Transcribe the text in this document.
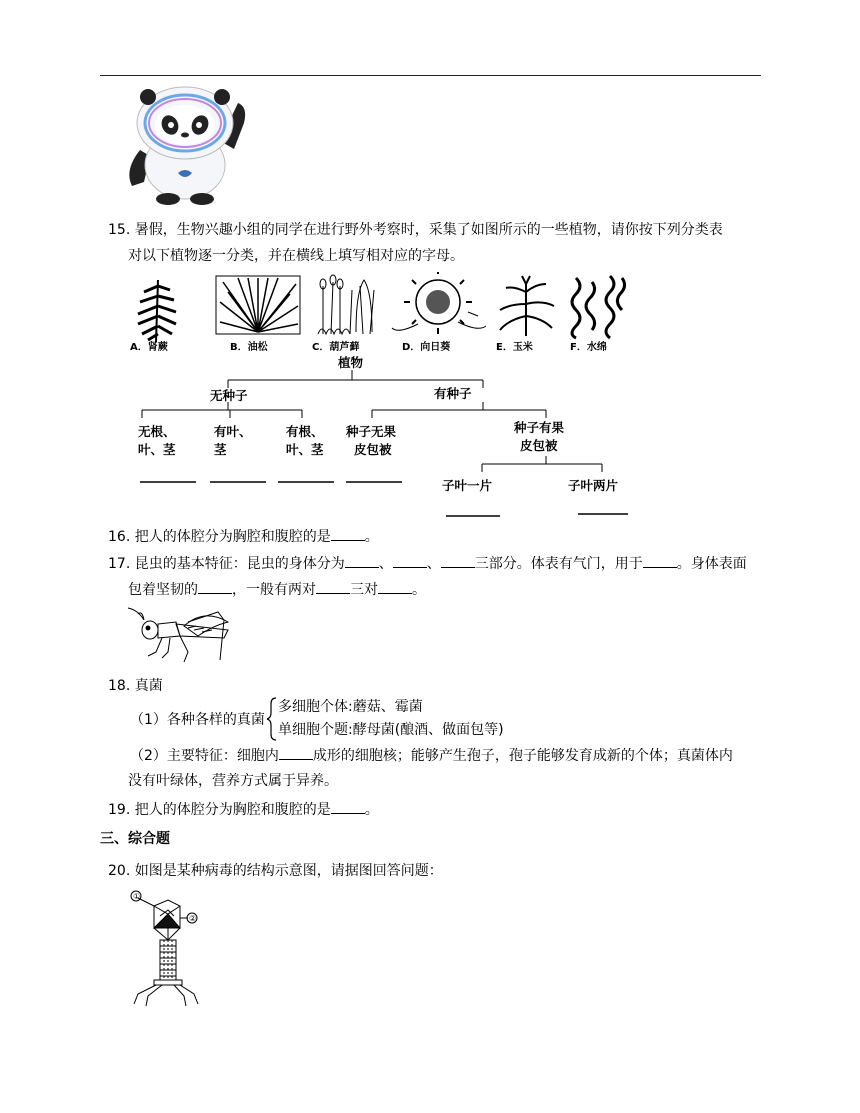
15. 暑假，生物兴趣小组的同学在进行野外考察时，采集了如图所示的一些植物，请你按下列分类表
对以下植物逐一分类，并在横线上填写相对应的字母。
A．肾蕨	B．油松	C．葫芦藓	D．向日葵	E．玉米	F．水绵
植物
无种子	有种子
无根、
叶、茎
有叶、
茎
有根、
叶、茎
种子无果
皮包被
种子有果
皮包被
子叶一片	子叶两片
16. 把人的体腔分为胸腔和腹腔的是 。
17. 昆虫的基本特征：昆虫的身体分为 、 、 三部分。体表有气门，用于 。身体表面
包着坚韧的 ，一般有两对 三对 。
18. 真菌
（1）各种各样的真菌
多细胞个体:蘑菇、霉菌
单细胞个题:酵母菌(酿酒、做面包等)
（2）主要特征：细胞内 成形的细胞核；能够产生孢子，孢子能够发育成新的个体；真菌体内
没有叶绿体，营养方式属于异养。
19. 把人的体腔分为胸腔和腹腔的是 。
三、综合题
20. 如图是某种病毒的结构示意图，请据图回答问题：
①
②
